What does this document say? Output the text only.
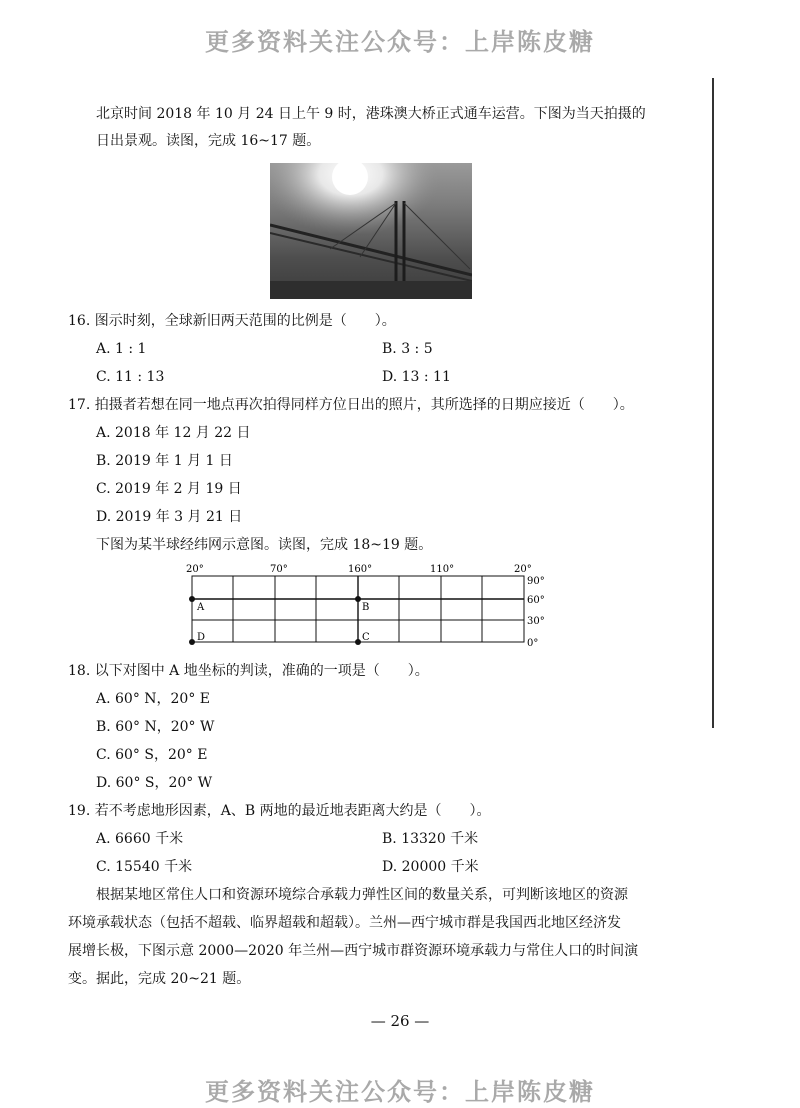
更多资料关注公众号：上岸陈皮糖
北京时间 2018 年 10 月 24 日上午 9 时，港珠澳大桥正式通车运营。下图为当天拍摄的
日出景观。读图，完成 16~17 题。
16. 图示时刻，全球新旧两天范围的比例是（　　）。
A. 1 : 1	B. 3 : 5
C. 11 : 13	D. 13 : 11
17. 拍摄者若想在同一地点再次拍得同样方位日出的照片，其所选择的日期应接近（　　）。
A. 2018 年 12 月 22 日
B. 2019 年 1 月 1 日
C. 2019 年 2 月 19 日
D. 2019 年 3 月 21 日
下图为某半球经纬网示意图。读图，完成 18~19 题。
20°	70°	160°	110°	20°
90°
60°
30°
0°
A	B
C
D
18. 以下对图中 A 地坐标的判读，准确的一项是（　　）。
A. 60° N，20° E
B. 60° N，20° W
C. 60° S，20° E
D. 60° S，20° W
19. 若不考虑地形因素，A、B 两地的最近地表距离大约是（　　）。
A. 6660 千米	B. 13320 千米
C. 15540 千米	D. 20000 千米
根据某地区常住人口和资源环境综合承载力弹性区间的数量关系，可判断该地区的资源
环境承载状态（包括不超载、临界超载和超载）。兰州—西宁城市群是我国西北地区经济发
展增长极，下图示意 2000—2020 年兰州—西宁城市群资源环境承载力与常住人口的时间演
变。据此，完成 20~21 题。
— 26 —
更多资料关注公众号：上岸陈皮糖
